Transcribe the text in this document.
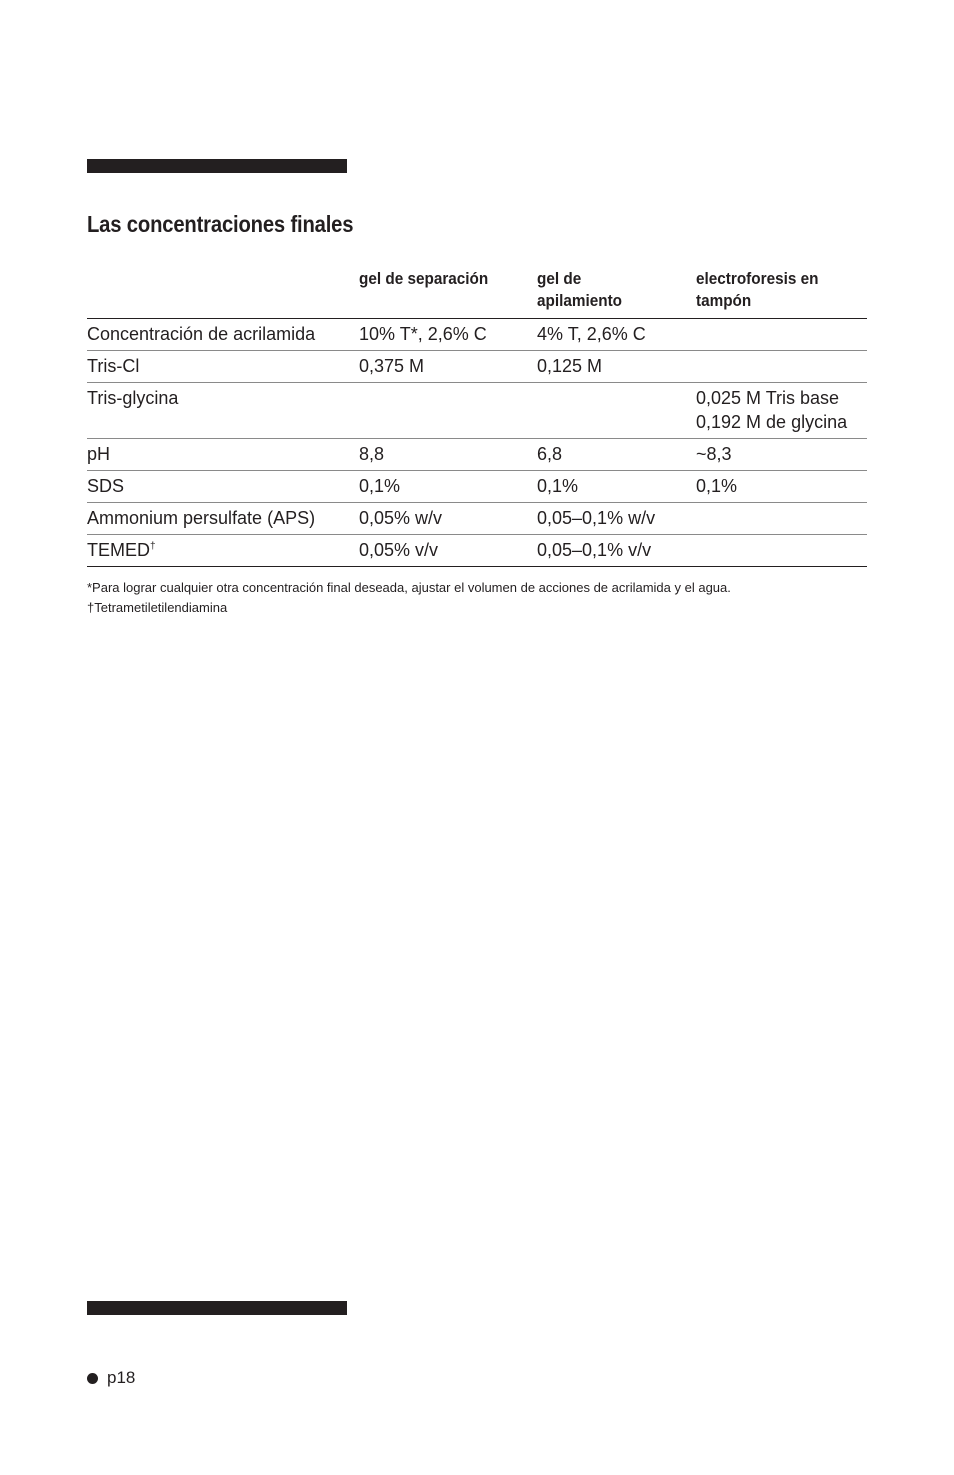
Las concentraciones finales
	gel de separación	gel de apilamiento	electroforesis en tampón
Concentración de acrilamida	10% T*, 2,6% C	4% T, 2,6% C	
Tris-Cl	0,375 M	0,125 M	
Tris-glycina			0,025 M Tris base
0,192 M de glycina
pH	8,8	6,8	~8,3
SDS	0,1%	0,1%	0,1%
Ammonium persulfate (APS)	0,05% w/v	0,05–0,1% w/v	
TEMED†	0,05% v/v	0,05–0,1% v/v	
*Para lograr cualquier otra concentración final deseada, ajustar el volumen de acciones de acrilamida y el agua.
†Tetrametiletilendiamina
p18
